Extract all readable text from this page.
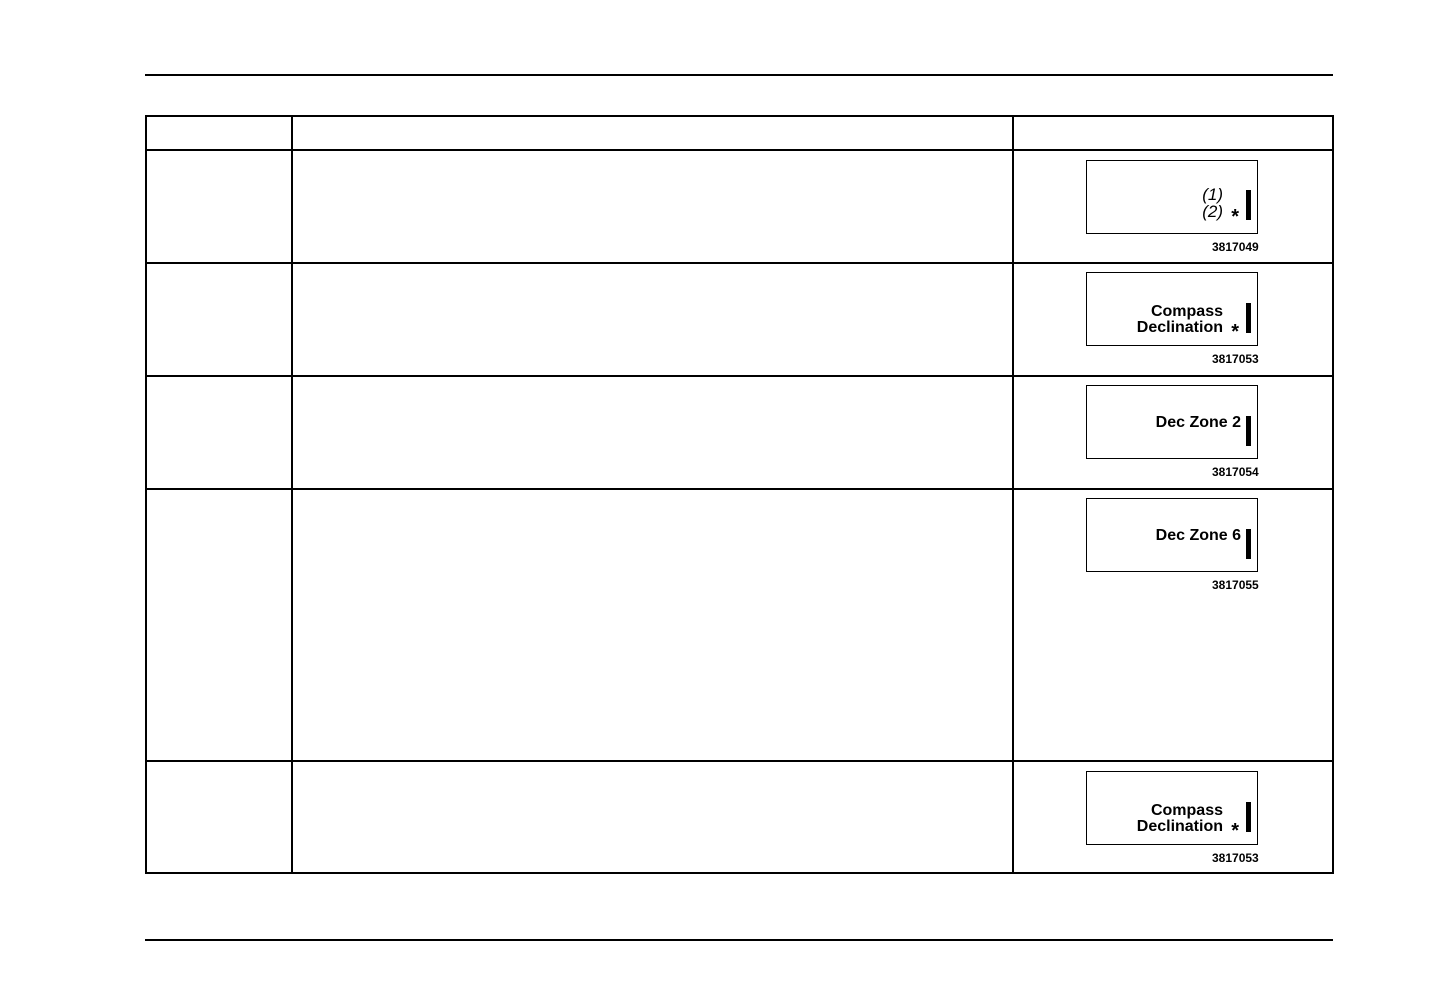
(1)
(2) *
3817049
Compass
Declination *
3817053
Dec Zone 2
3817054
Dec Zone 6
3817055
Compass
Declination *
3817053
